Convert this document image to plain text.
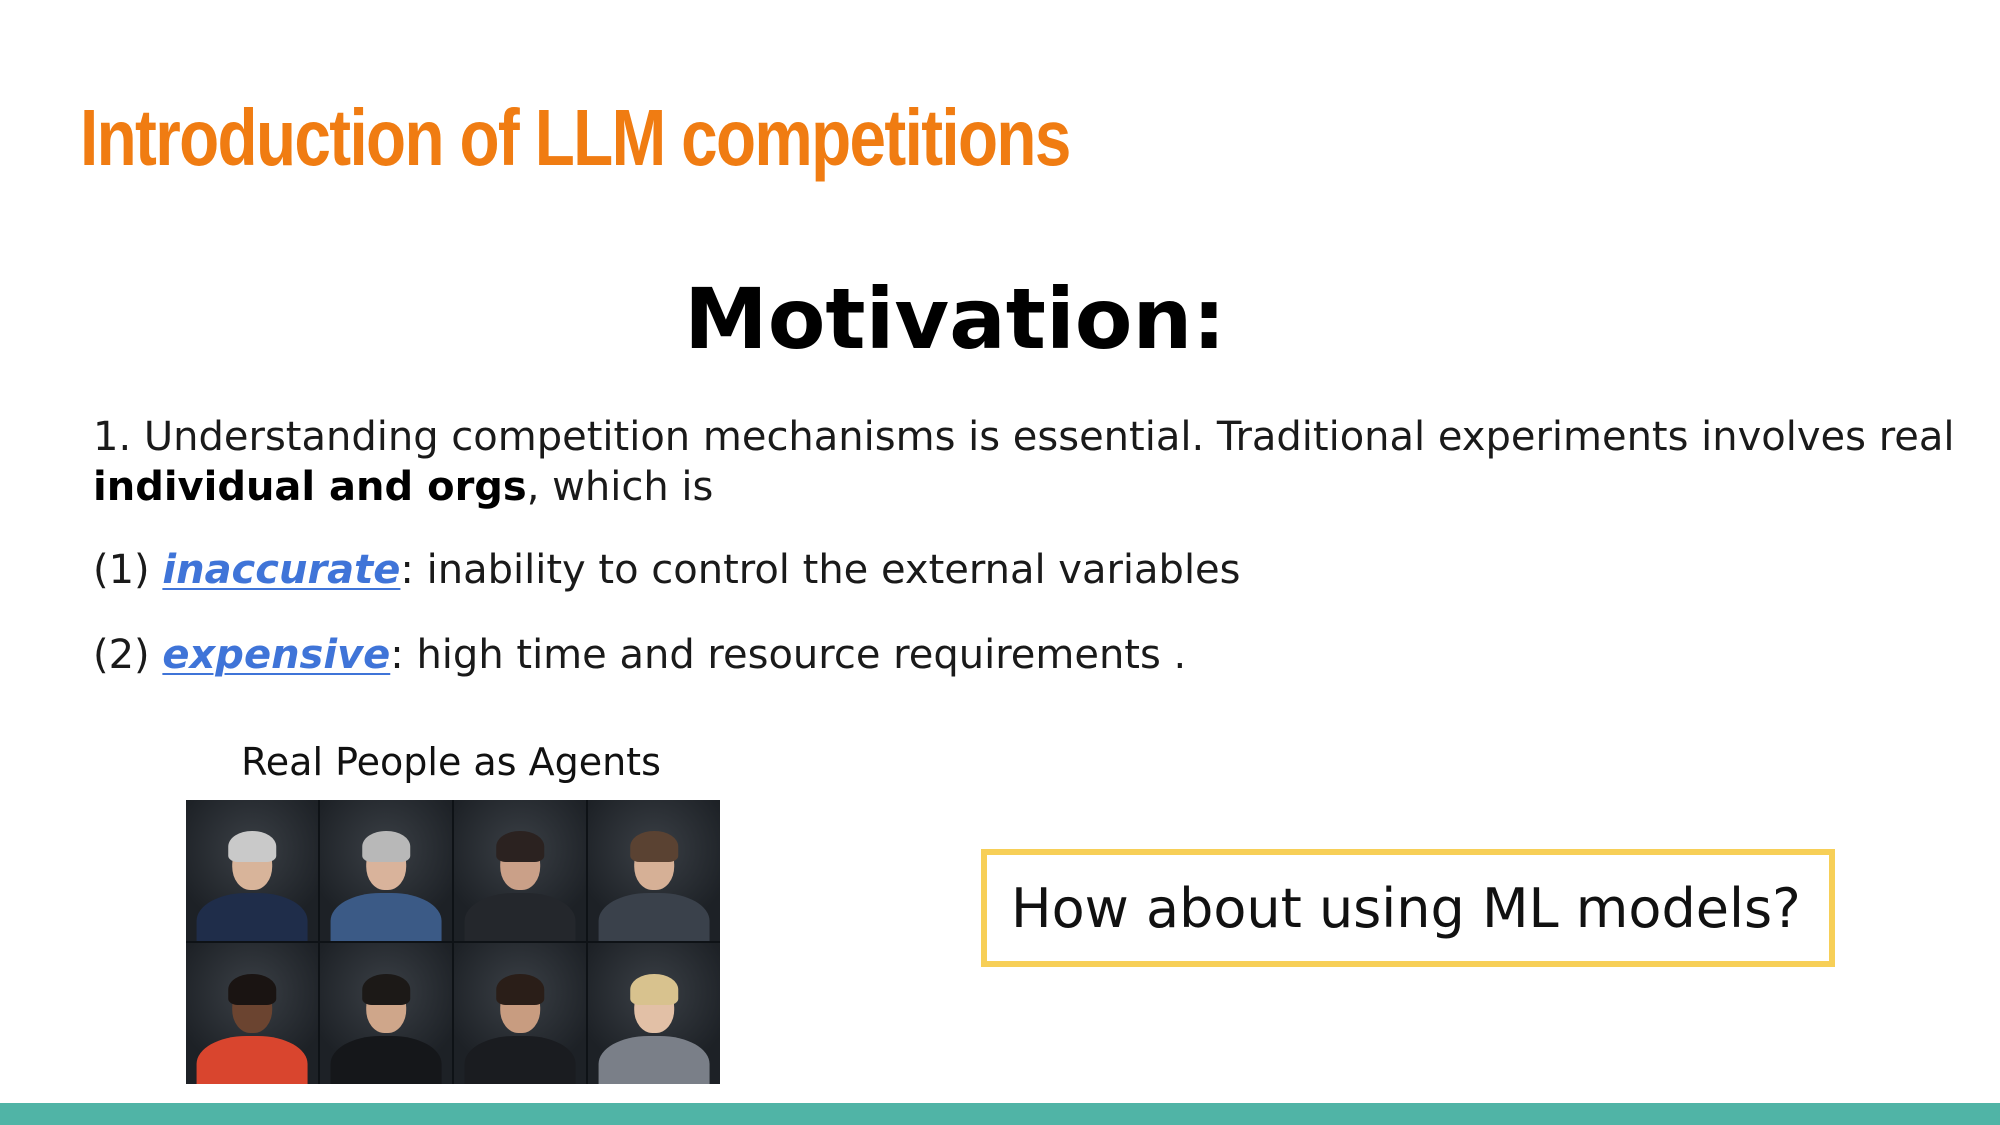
Introduction of LLM competitions
Motivation:

1. Understanding competition mechanisms is essential. Traditional experiments involves real individual and orgs, which is

(1) inaccurate: inability to control the external variables

(2) expensive: high time and resource requirements .

Real People as Agents

How about using ML models?
